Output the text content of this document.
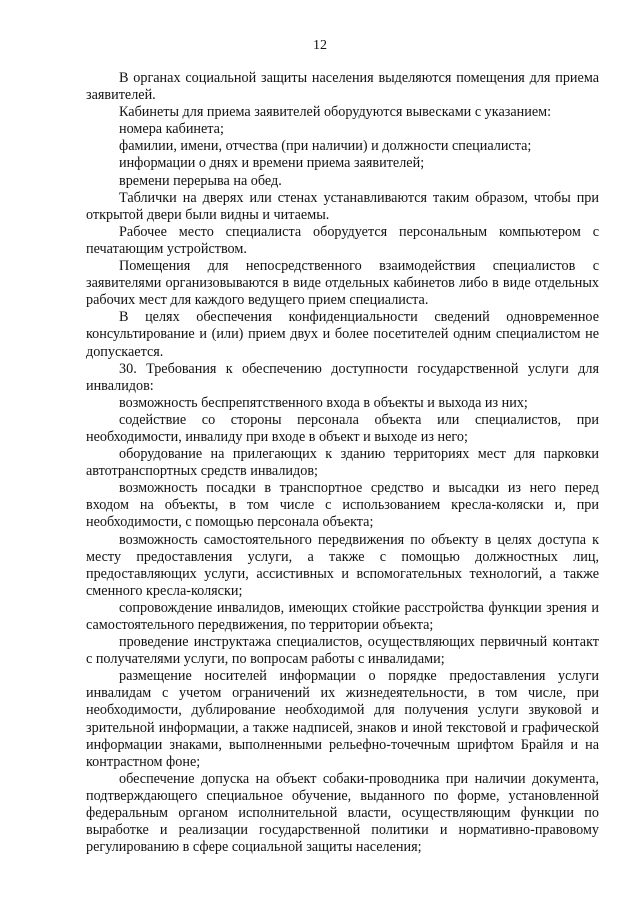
12

В органах социальной защиты населения выделяются помещения для приема заявителей.

Кабинеты для приема заявителей оборудуются вывесками с указанием:

номера кабинета;

фамилии, имени, отчества (при наличии) и должности специалиста;

информации о днях и времени приема заявителей;

времени перерыва на обед.

Таблички на дверях или стенах устанавливаются таким образом, чтобы при открытой двери были видны и читаемы.

Рабочее место специалиста оборудуется персональным компьютером с печатающим устройством.

Помещения для непосредственного взаимодействия специалистов с заявителями организовываются в виде отдельных кабинетов либо в виде отдельных рабочих мест для каждого ведущего прием специалиста.

В целях обеспечения конфиденциальности сведений одновременное консультирование и (или) прием двух и более посетителей одним специалистом не допускается.

30. Требования к обеспечению доступности государственной услуги для инвалидов:

возможность беспрепятственного входа в объекты и выхода из них;

содействие со стороны персонала объекта или специалистов, при необходимости, инвалиду при входе в объект и выходе из него;

оборудование на прилегающих к зданию территориях мест для парковки автотранспортных средств инвалидов;

возможность посадки в транспортное средство и высадки из него перед входом на объекты, в том числе с использованием кресла-коляски и, при необходимости, с помощью персонала объекта;

возможность самостоятельного передвижения по объекту в целях доступа к месту предоставления услуги, а также с помощью должностных лиц, предоставляющих услуги, ассистивных и вспомогательных технологий, а также сменного кресла-коляски;

сопровождение инвалидов, имеющих стойкие расстройства функции зрения и самостоятельного передвижения, по территории объекта;

проведение инструктажа специалистов, осуществляющих первичный контакт с получателями услуги, по вопросам работы с инвалидами;

размещение носителей информации о порядке предоставления услуги инвалидам с учетом ограничений их жизнедеятельности, в том числе, при необходимости, дублирование необходимой для получения услуги звуковой и зрительной информации, а также надписей, знаков и иной текстовой и графической информации знаками, выполненными рельефно-точечным шрифтом Брайля и на контрастном фоне;

обеспечение допуска на объект собаки-проводника при наличии документа, подтверждающего специальное обучение, выданного по форме, установленной федеральным органом исполнительной власти, осуществляющим функции по выработке и реализации государственной политики и нормативно-правовому регулированию в сфере социальной защиты населения;
